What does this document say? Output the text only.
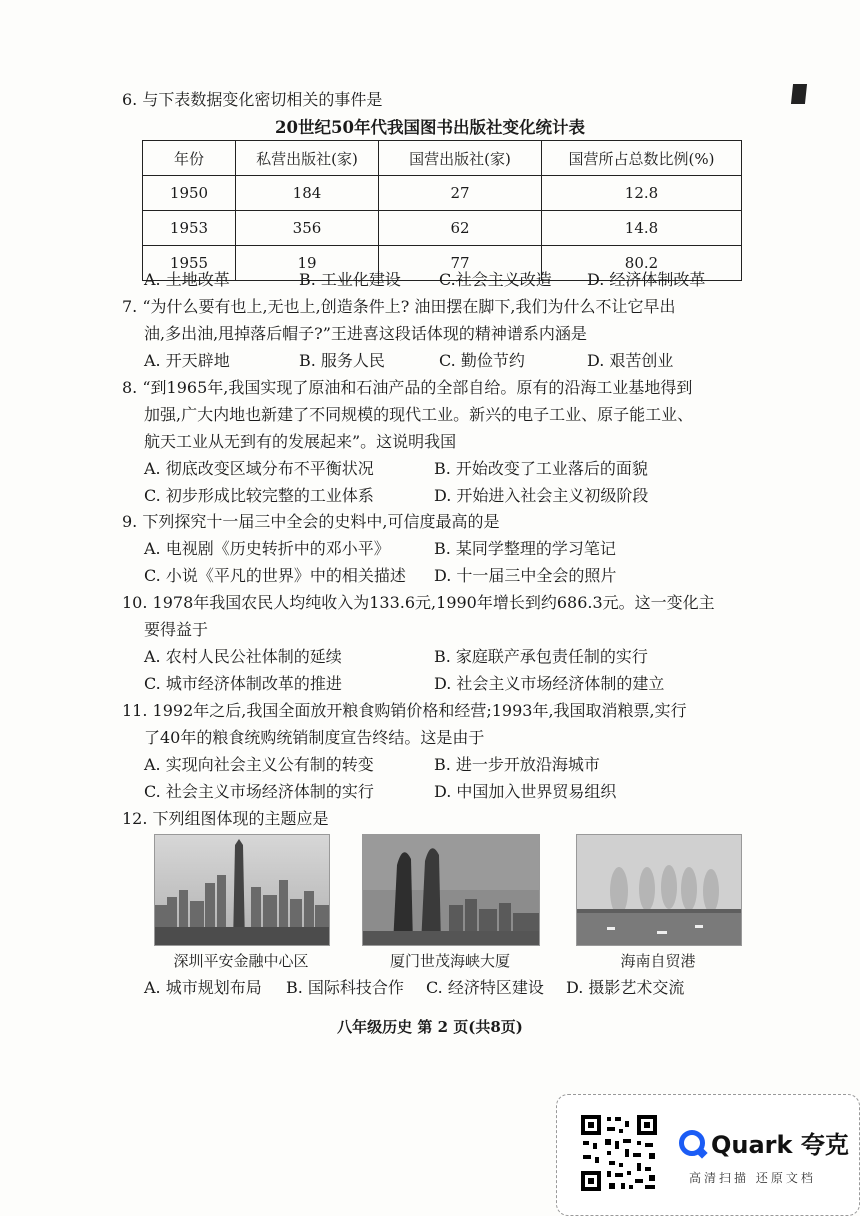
6. 与下表数据变化密切相关的事件是
20世纪50年代我国图书出版社变化统计表
年份	私营出版社(家)	国营出版社(家)	国营所占总数比例(%)
1950	184	27	12.8
1953	356	62	14.8
1955	19	77	80.2
A. 土地改革	B. 工业化建设	C.社会主义改造	D. 经济体制改革
7. “为什么要有也上,无也上,创造条件上? 油田摆在脚下,我们为什么不让它早出
油,多出油,甩掉落后帽子?”王进喜这段话体现的精神谱系内涵是
A. 开天辟地	B. 服务人民	C. 勤俭节约	D. 艰苦创业
8. “到1965年,我国实现了原油和石油产品的全部自给。原有的沿海工业基地得到
加强,广大内地也新建了不同规模的现代工业。新兴的电子工业、原子能工业、
航天工业从无到有的发展起来”。这说明我国
A. 彻底改变区域分布不平衡状况	B. 开始改变了工业落后的面貌
C. 初步形成比较完整的工业体系	D. 开始进入社会主义初级阶段
9. 下列探究十一届三中全会的史料中,可信度最高的是
A. 电视剧《历史转折中的邓小平》	B. 某同学整理的学习笔记
C. 小说《平凡的世界》中的相关描述	D. 十一届三中全会的照片
10. 1978年我国农民人均纯收入为133.6元,1990年增长到约686.3元。这一变化主
要得益于
A. 农村人民公社体制的延续	B. 家庭联产承包责任制的实行
C. 城市经济体制改革的推进	D. 社会主义市场经济体制的建立
11. 1992年之后,我国全面放开粮食购销价格和经营;1993年,我国取消粮票,实行
了40年的粮食统购统销制度宣告终结。这是由于
A. 实现向社会主义公有制的转变	B. 进一步开放沿海城市
C. 社会主义市场经济体制的实行	D. 中国加入世界贸易组织
12. 下列组图体现的主题应是
深圳平安金融中心区	厦门世茂海峡大厦	海南自贸港
A. 城市规划布局	B. 国际科技合作	C. 经济特区建设	D. 摄影艺术交流
八年级历史 第 2 页(共8页)
Quark 夸克
高清扫描 还原文档
